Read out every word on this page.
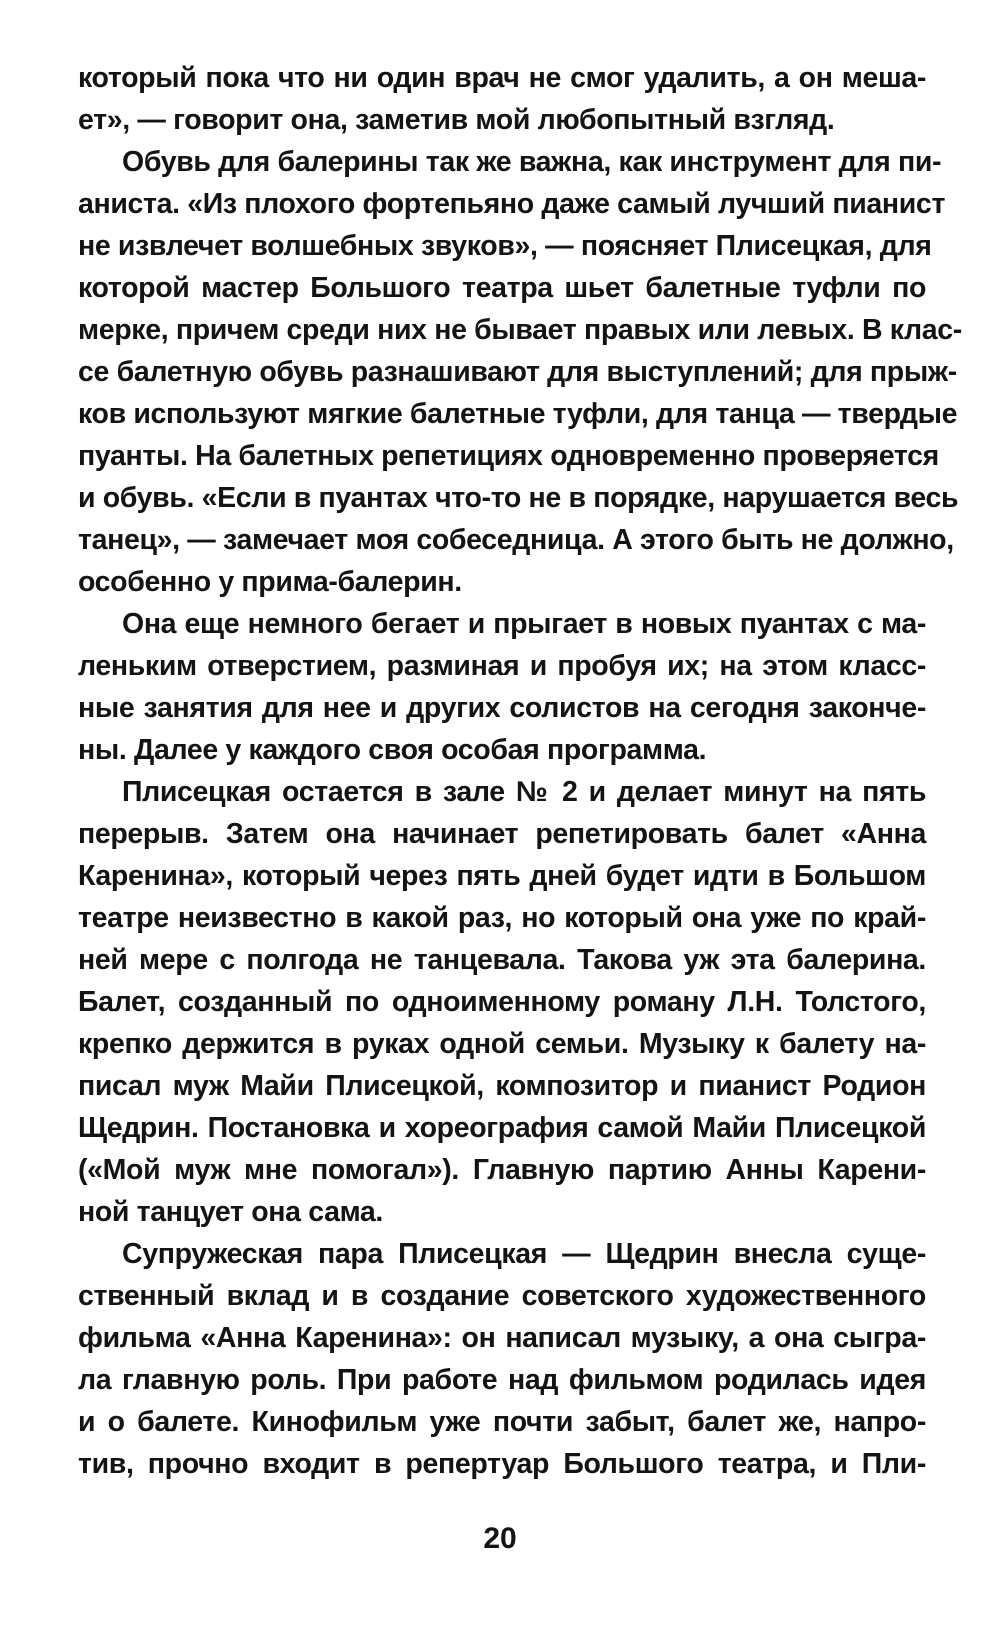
который пока что ни один врач не смог удалить, а он меша-
ет», — говорит она, заметив мой любопытный взгляд.
Обувь для балерины так же важна, как инструмент для пи-
аниста. «Из плохого фортепьяно даже самый лучший пианист
не извлечет волшебных звуков», — поясняет Плисецкая, для
которой мастер Большого театра шьет балетные туфли по
мерке, причем среди них не бывает правых или левых. В клас-
се балетную обувь разнашивают для выступлений; для прыж-
ков используют мягкие балетные туфли, для танца — твердые
пуанты. На балетных репетициях одновременно проверяется
и обувь. «Если в пуантах что-то не в порядке, нарушается весь
танец», — замечает моя собеседница. А этого быть не должно,
особенно у прима-балерин.
Она еще немного бегает и прыгает в новых пуантах с ма-
леньким отверстием, разминая и пробуя их; на этом класс-
ные занятия для нее и других солистов на сегодня законче-
ны. Далее у каждого своя особая программа.
Плисецкая остается в зале № 2 и делает минут на пять
перерыв. Затем она начинает репетировать балет «Анна
Каренина», который через пять дней будет идти в Большом
театре неизвестно в какой раз, но который она уже по край-
ней мере с полгода не танцевала. Такова уж эта балерина.
Балет, созданный по одноименному роману Л.Н. Толстого,
крепко держится в руках одной семьи. Музыку к балету на-
писал муж Майи Плисецкой, композитор и пианист Родион
Щедрин. Постановка и хореография самой Майи Плисецкой
(«Мой муж мне помогал»). Главную партию Анны Карени-
ной танцует она сама.
Супружеская пара Плисецкая — Щедрин внесла суще-
ственный вклад и в создание советского художественного
фильма «Анна Каренина»: он написал музыку, а она сыгра-
ла главную роль. При работе над фильмом родилась идея
и о балете. Кинофильм уже почти забыт, балет же, напро-
тив, прочно входит в репертуар Большого театра, и Пли-
20
